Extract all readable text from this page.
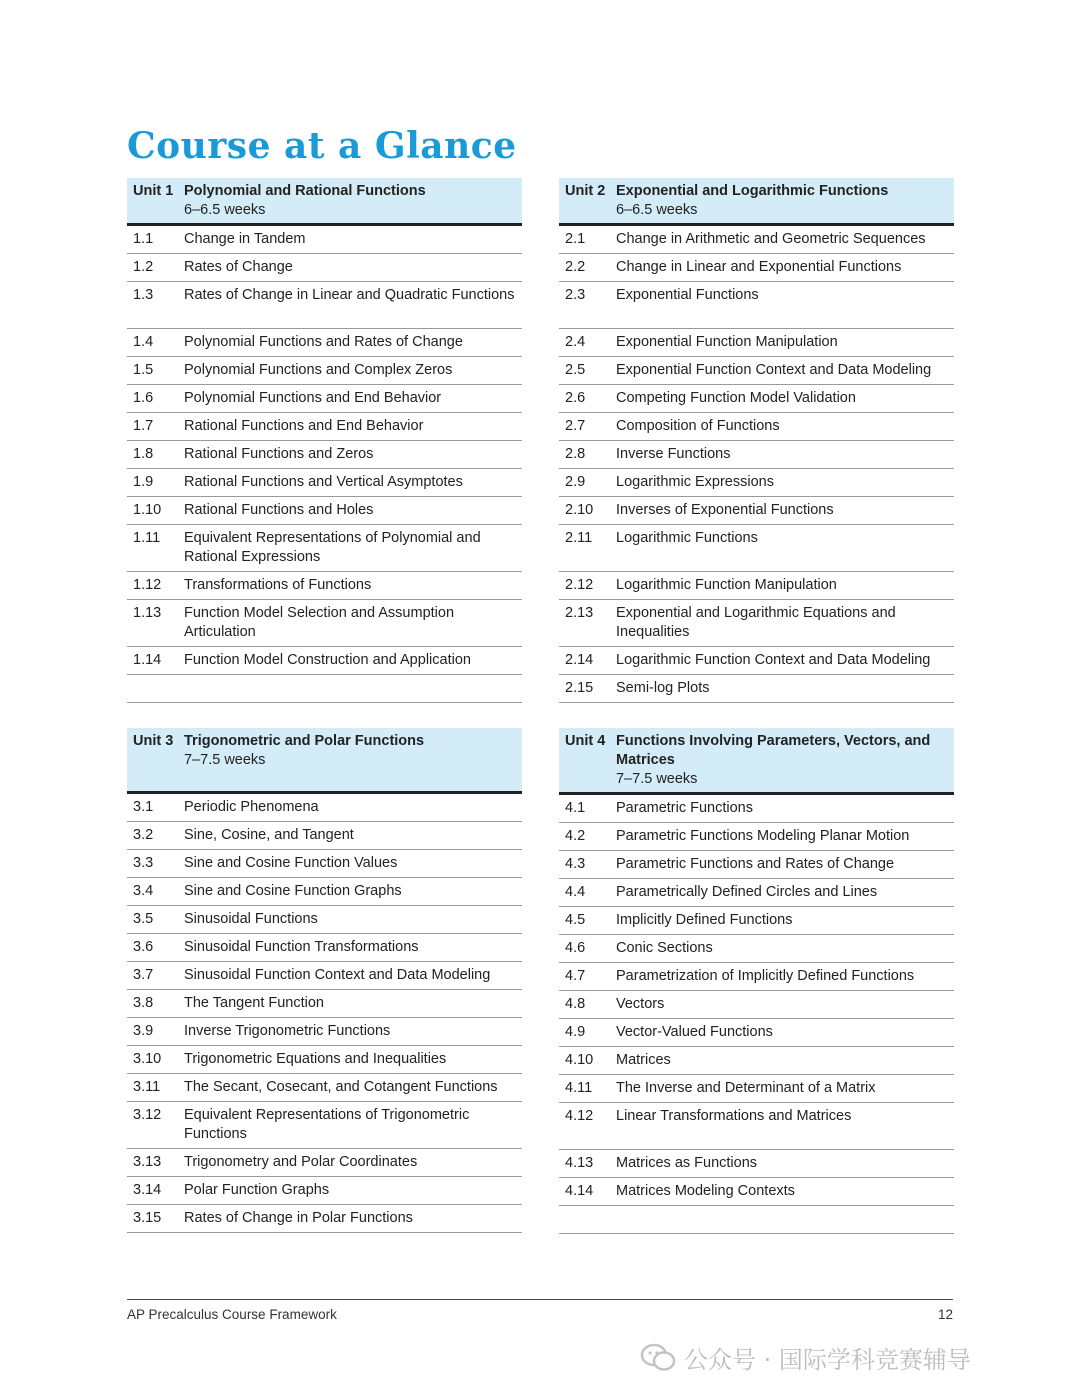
Course at a Glance
Unit 1 Polynomial and Rational Functions
6–6.5 weeks
1.1	Change in Tandem
1.2	Rates of Change
1.3	Rates of Change in Linear and Quadratic Functions
1.4	Polynomial Functions and Rates of Change
1.5	Polynomial Functions and Complex Zeros
1.6	Polynomial Functions and End Behavior
1.7	Rational Functions and End Behavior
1.8	Rational Functions and Zeros
1.9	Rational Functions and Vertical Asymptotes
1.10	Rational Functions and Holes
1.11	Equivalent Representations of Polynomial and Rational Expressions
1.12	Transformations of Functions
1.13	Function Model Selection and Assumption Articulation
1.14	Function Model Construction and Application
Unit 2 Exponential and Logarithmic Functions
6–6.5 weeks
2.1	Change in Arithmetic and Geometric Sequences
2.2	Change in Linear and Exponential Functions
2.3	Exponential Functions
2.4	Exponential Function Manipulation
2.5	Exponential Function Context and Data Modeling
2.6	Competing Function Model Validation
2.7	Composition of Functions
2.8	Inverse Functions
2.9	Logarithmic Expressions
2.10	Inverses of Exponential Functions
2.11	Logarithmic Functions
2.12	Logarithmic Function Manipulation
2.13	Exponential and Logarithmic Equations and Inequalities
2.14	Logarithmic Function Context and Data Modeling
2.15	Semi-log Plots
Unit 3 Trigonometric and Polar Functions
7–7.5 weeks
3.1	Periodic Phenomena
3.2	Sine, Cosine, and Tangent
3.3	Sine and Cosine Function Values
3.4	Sine and Cosine Function Graphs
3.5	Sinusoidal Functions
3.6	Sinusoidal Function Transformations
3.7	Sinusoidal Function Context and Data Modeling
3.8	The Tangent Function
3.9	Inverse Trigonometric Functions
3.10	Trigonometric Equations and Inequalities
3.11	The Secant, Cosecant, and Cotangent Functions
3.12	Equivalent Representations of Trigonometric Functions
3.13	Trigonometry and Polar Coordinates
3.14	Polar Function Graphs
3.15	Rates of Change in Polar Functions
Unit 4 Functions Involving Parameters, Vectors, and Matrices
7–7.5 weeks
4.1	Parametric Functions
4.2	Parametric Functions Modeling Planar Motion
4.3	Parametric Functions and Rates of Change
4.4	Parametrically Defined Circles and Lines
4.5	Implicitly Defined Functions
4.6	Conic Sections
4.7	Parametrization of Implicitly Defined Functions
4.8	Vectors
4.9	Vector-Valued Functions
4.10	Matrices
4.11	The Inverse and Determinant of a Matrix
4.12	Linear Transformations and Matrices
4.13	Matrices as Functions
4.14	Matrices Modeling Contexts
AP Precalculus Course Framework	12
公众号 · 国际学科竞赛辅导
